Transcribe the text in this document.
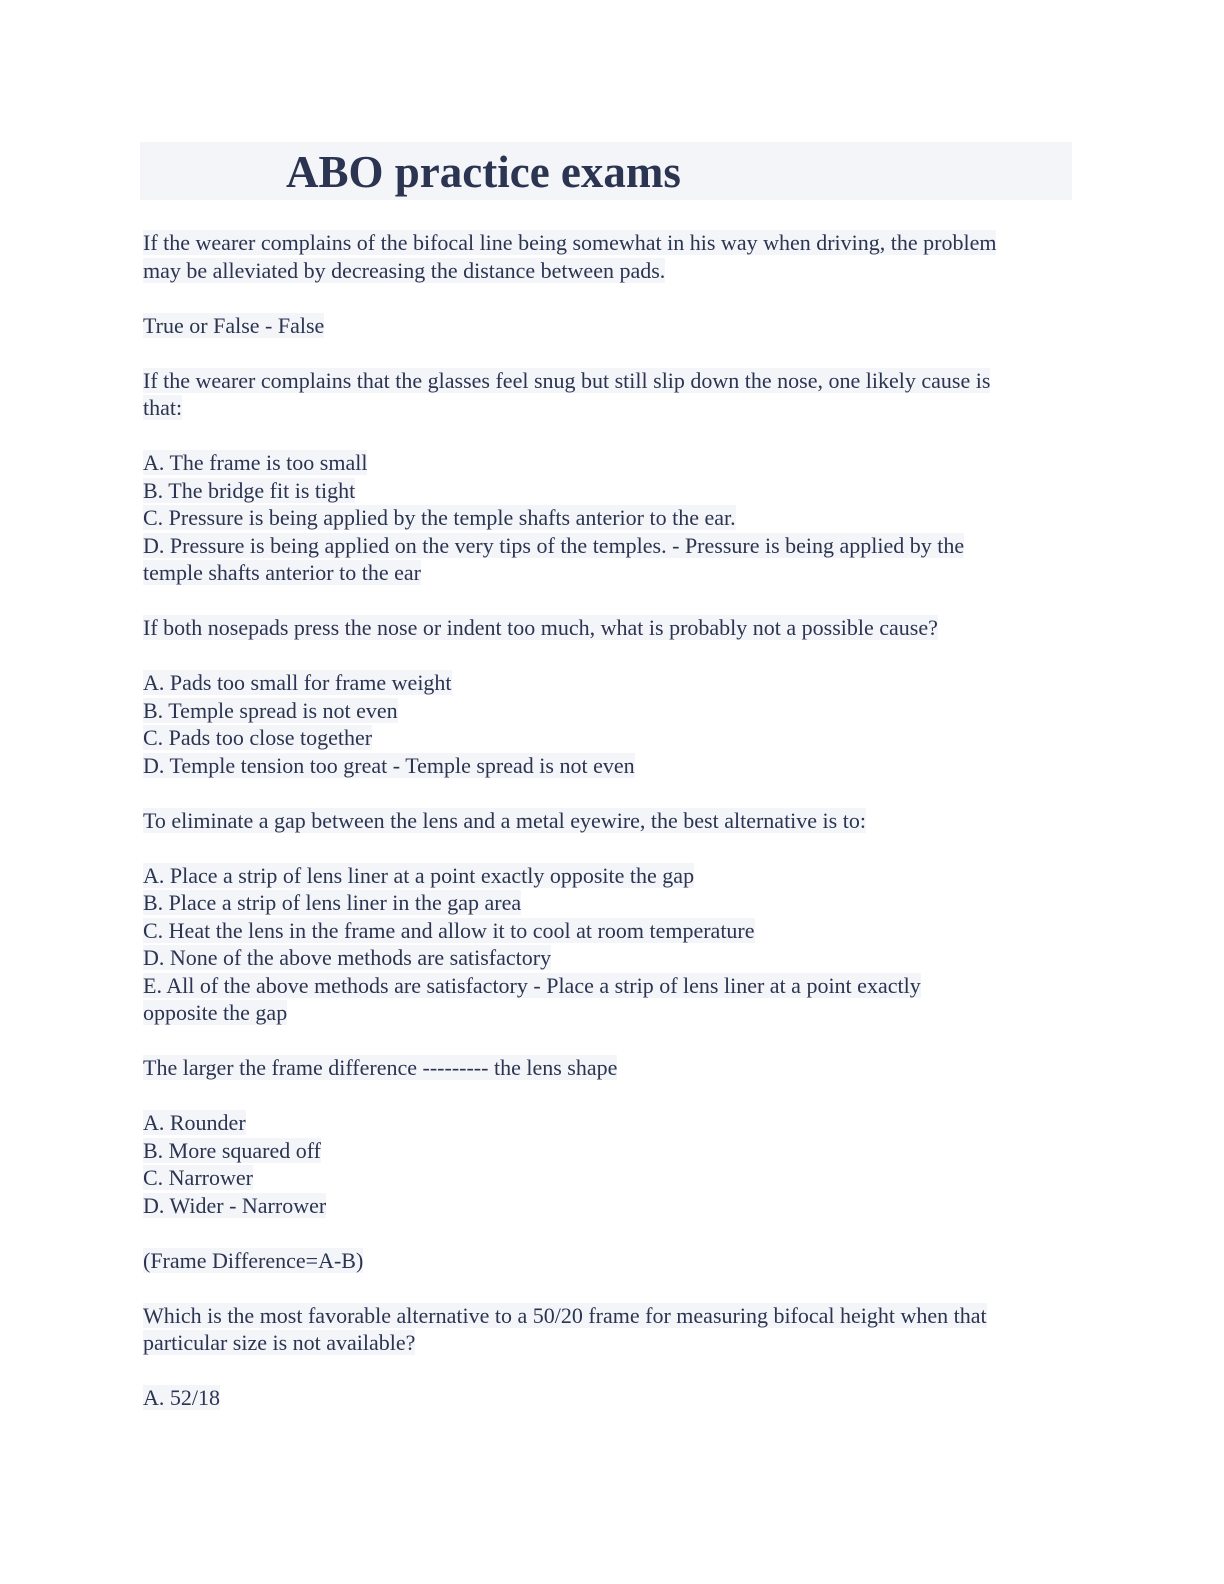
ABO practice exams
If the wearer complains of the bifocal line being somewhat in his way when driving, the problem
may be alleviated by decreasing the distance between pads.
True or False - False
If the wearer complains that the glasses feel snug but still slip down the nose, one likely cause is
that:
A. The frame is too small
B. The bridge fit is tight
C. Pressure is being applied by the temple shafts anterior to the ear.
D. Pressure is being applied on the very tips of the temples. - Pressure is being applied by the
temple shafts anterior to the ear
If both nosepads press the nose or indent too much, what is probably not a possible cause?
A. Pads too small for frame weight
B. Temple spread is not even
C. Pads too close together
D. Temple tension too great - Temple spread is not even
To eliminate a gap between the lens and a metal eyewire, the best alternative is to:
A. Place a strip of lens liner at a point exactly opposite the gap
B. Place a strip of lens liner in the gap area
C. Heat the lens in the frame and allow it to cool at room temperature
D. None of the above methods are satisfactory
E. All of the above methods are satisfactory - Place a strip of lens liner at a point exactly
opposite the gap
The larger the frame difference --------- the lens shape
A. Rounder
B. More squared off
C. Narrower
D. Wider - Narrower
(Frame Difference=A-B)
Which is the most favorable alternative to a 50/20 frame for measuring bifocal height when that
particular size is not available?
A. 52/18
